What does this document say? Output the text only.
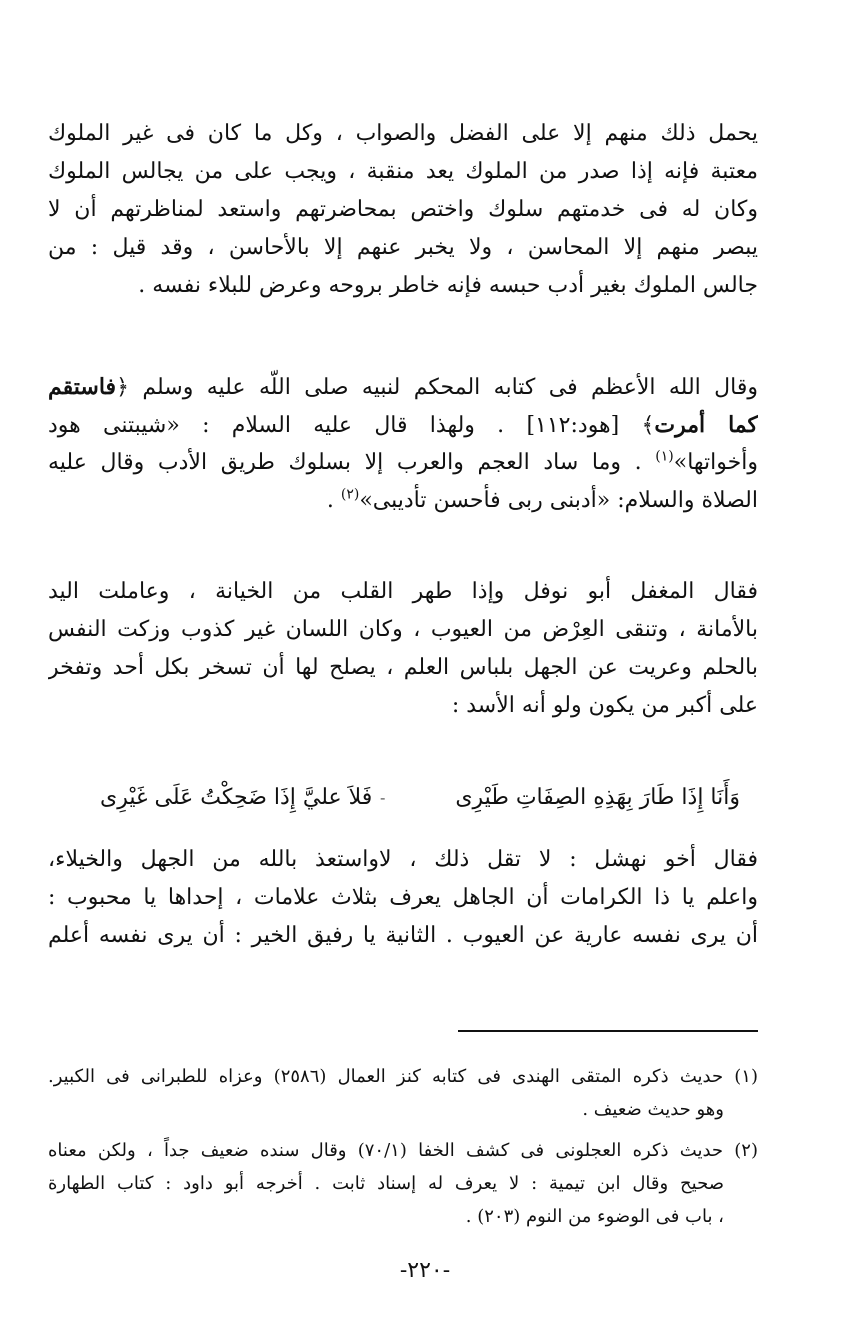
يحمل ذلك منهم إلا على الفضل والصواب ، وكل ما كان فى غير الملوك
معتبة فإنه إذا صدر من الملوك يعد منقبة ، ويجب على من يجالس الملوك
وكان له فى خدمتهم سلوك واختص بمحاضرتهم واستعد لمناظرتهم أن لا
يبصر منهم إلا المحاسن ، ولا يخبر عنهم إلا بالأحاسن ، وقد قيل : من
جالس الملوك بغير أدب حبسه فإنه خاطر بروحه وعرض للبلاء نفسه .
وقال الله الأعظم فى كتابه المحكم لنبيه صلى اللّه عليه وسلم ﴿فاستقم
كما أمرت﴾ [هود:١١٢] . ولهذا قال عليه السلام : «شيبتنى هود
وأخواتها»$^{(١)}$ . وما ساد العجم والعرب إلا بسلوك طريق الأدب وقال عليه
الصلاة والسلام: «أدبنى ربى فأحسن تأديبى»$^{(٢)}$ .
فقال المغفل أبو نوفل وإذا طهر القلب من الخيانة ، وعاملت اليد
بالأمانة ، وتنقى العِرْض من العيوب ، وكان اللسان غير كذوب وزكت النفس
بالحلم وعريت عن الجهل بلباس العلم ، يصلح لها أن تسخر بكل أحد وتفخر
على أكبر من يكون ولو أنه الأسد :
وَأَنَا إِذَا طَارَ بِهَذِهِ الصِفَاتِ طَيْرِى
-
فَلاَ عليَّ إِذَا ضَحِكْتُ عَلَى غَيْرِى
فقال أخو نهشل : لا تقل ذلك ، لاواستعذ بالله من الجهل والخيلاء،
واعلم يا ذا الكرامات أن الجاهل يعرف بثلاث علامات ، إحداها يا محبوب :
أن يرى نفسه عارية عن العيوب . الثانية يا رفيق الخير : أن يرى نفسه أعلم
(١) حديث ذكره المتقى الهندى فى كتابه كنز العمال (٢٥٨٦) وعزاه للطبرانى فى الكبير.
وهو حديث ضعيف .
(٢) حديث ذكره العجلونى فى كشف الخفا (٧٠/١) وقال سنده ضعيف جداً ، ولكن معناه
صحيح وقال ابن تيمية : لا يعرف له إسناد ثابت . أخرجه أبو داود : كتاب الطهارة
، باب فى الوضوء من النوم (٢٠٣) .
-٢٢٠-
